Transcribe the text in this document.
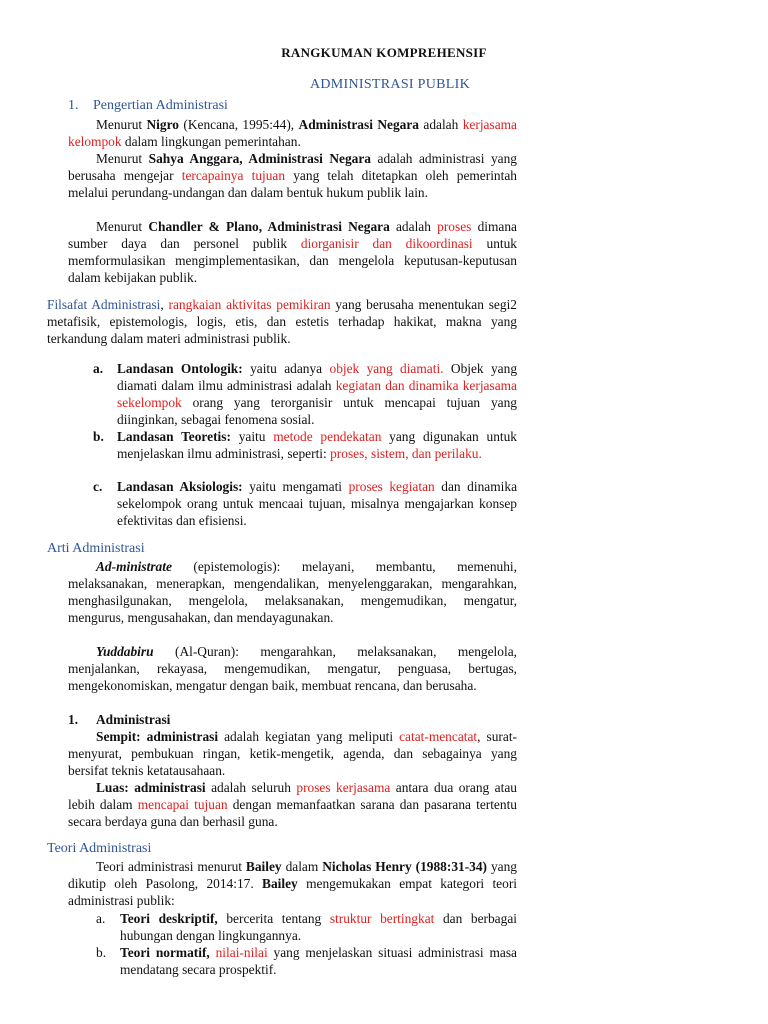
RANGKUMAN KOMPREHENSIF
ADMINISTRASI PUBLIK
1. Pengertian Administrasi
Menurut Nigro (Kencana, 1995:44), Administrasi Negara adalah kerjasama kelompok dalam lingkungan pemerintahan.
Menurut Sahya Anggara, Administrasi Negara adalah administrasi yang berusaha mengejar tercapainya tujuan yang telah ditetapkan oleh pemerintah melalui perundang-undangan dan dalam bentuk hukum publik lain.
Menurut Chandler & Plano, Administrasi Negara adalah proses dimana sumber daya dan personel publik diorganisir dan dikoordinasi untuk memformulasikan mengimplementasikan, dan mengelola keputusan-keputusan dalam kebijakan publik.
Filsafat Administrasi, rangkaian aktivitas pemikiran yang berusaha menentukan segi2 metafisik, epistemologis, logis, etis, dan estetis terhadap hakikat, makna yang terkandung dalam materi administrasi publik.
a. Landasan Ontologik: yaitu adanya objek yang diamati. Objek yang diamati dalam ilmu administrasi adalah kegiatan dan dinamika kerjasama sekelompok orang yang terorganisir untuk mencapai tujuan yang diinginkan, sebagai fenomena sosial.
b. Landasan Teoretis: yaitu metode pendekatan yang digunakan untuk menjelaskan ilmu administrasi, seperti: proses, sistem, dan perilaku.
c. Landasan Aksiologis: yaitu mengamati proses kegiatan dan dinamika sekelompok orang untuk mencaai tujuan, misalnya mengajarkan konsep efektivitas dan efisiensi.
Arti Administrasi
Ad-ministrate (epistemologis): melayani, membantu, memenuhi, melaksanakan, menerapkan, mengendalikan, menyelenggarakan, mengarahkan, menghasilgunakan, mengelola, melaksanakan, mengemudikan, mengatur, mengurus, mengusahakan, dan mendayagunakan.
Yuddabiru (Al-Quran): mengarahkan, melaksanakan, mengelola, menjalankan, rekayasa, mengemudikan, mengatur, penguasa, bertugas, mengekonomiskan, mengatur dengan baik, membuat rencana, dan berusaha.
1. Administrasi
Sempit: administrasi adalah kegiatan yang meliputi catat-mencatat, surat-menyurat, pembukuan ringan, ketik-mengetik, agenda, dan sebagainya yang bersifat teknis ketatausahaan.
Luas: administrasi adalah seluruh proses kerjasama antara dua orang atau lebih dalam mencapai tujuan dengan memanfaatkan sarana dan pasarana tertentu secara berdaya guna dan berhasil guna.
Teori Administrasi
Teori administrasi menurut Bailey dalam Nicholas Henry (1988:31-34) yang dikutip oleh Pasolong, 2014:17. Bailey mengemukakan empat kategori teori administrasi publik:
a. Teori deskriptif, bercerita tentang struktur bertingkat dan berbagai hubungan dengan lingkungannya.
b. Teori normatif, nilai-nilai yang menjelaskan situasi administrasi masa mendatang secara prospektif.
